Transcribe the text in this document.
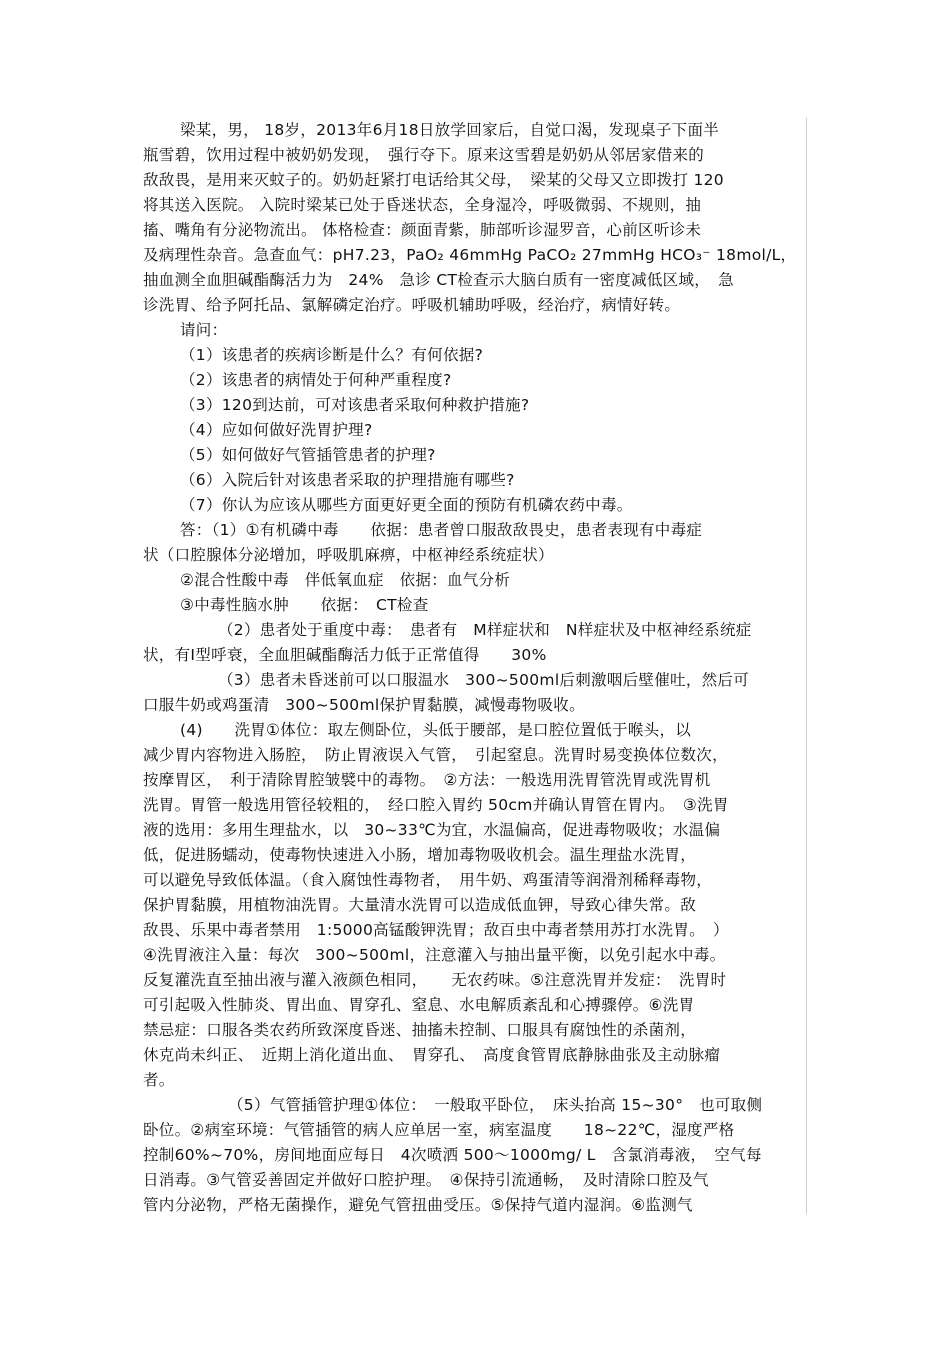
梁某，男， 18岁，2013年6月18日放学回家后，自觉口渴，发现桌子下面半
瓶雪碧，饮用过程中被奶奶发现，　强行夺下。原来这雪碧是奶奶从邻居家借来的
敌敌畏，是用来灭蚊子的。奶奶赶紧打电话给其父母，　梁某的父母又立即拨打 120
将其送入医院。 入院时梁某已处于昏迷状态，全身湿冷，呼吸微弱、不规则，抽
搐、嘴角有分泌物流出。 体格检查：颜面青紫，肺部听诊湿罗音，心前区听诊未
及病理性杂音。急查血气：pH7.23，PaO₂ 46mmHg PaCO₂ 27mmHg HCO₃⁻ 18mol/L，
抽血测全血胆碱酯酶活力为　24%　急诊 CT检查示大脑白质有一密度减低区域，　急
诊洗胃、给予阿托品、氯解磷定治疗。呼吸机辅助呼吸，经治疗，病情好转。
请问：
（1）该患者的疾病诊断是什么？有何依据?
（2）该患者的病情处于何种严重程度?
（3）120到达前，可对该患者采取何种救护措施?
（4）应如何做好洗胃护理?
（5）如何做好气管插管患者的护理?
（6）入院后针对该患者采取的护理措施有哪些?
（7）你认为应该从哪些方面更好更全面的预防有机磷农药中毒。
答：（1）①有机磷中毒　　依据：患者曾口服敌敌畏史，患者表现有中毒症
状（口腔腺体分泌增加，呼吸肌麻痹，中枢神经系统症状）
②混合性酸中毒　伴低氧血症　依据：血气分析
③中毒性脑水肿　　依据：　CT检查
（2）患者处于重度中毒：　患者有　M样症状和　N样症状及中枢神经系统症
状，有Ⅰ型呼衰，全血胆碱酯酶活力低于正常值得　　30%
（3）患者未昏迷前可以口服温水　300~500ml后刺激咽后壁催吐，然后可
口服牛奶或鸡蛋清　300~500ml保护胃黏膜，减慢毒物吸收。
(4)　　洗胃①体位：取左侧卧位，头低于腰部，是口腔位置低于喉头，以
减少胃内容物进入肠腔，　防止胃液误入气管，　引起窒息。洗胃时易变换体位数次，
按摩胃区，　利于清除胃腔皱襞中的毒物。　②方法：一般选用洗胃管洗胃或洗胃机
洗胃。胃管一般选用管径较粗的，　经口腔入胃约 50cm并确认胃管在胃内。　③洗胃
液的选用：多用生理盐水，以　30~33℃为宜，水温偏高，促进毒物吸收；水温偏
低，促进肠蠕动，使毒物快速进入小肠，增加毒物吸收机会。温生理盐水洗胃，
可以避免导致低体温。（食入腐蚀性毒物者，　用牛奶、鸡蛋清等润滑剂稀释毒物，
保护胃黏膜，用植物油洗胃。大量清水洗胃可以造成低血钾，导致心律失常。敌
敌畏、乐果中毒者禁用　1:5000高锰酸钾洗胃；敌百虫中毒者禁用苏打水洗胃。　）
④洗胃液注入量：每次　300~500ml，注意灌入与抽出量平衡，以免引起水中毒。
反复灌洗直至抽出液与灌入液颜色相同，　　无农药味。⑤注意洗胃并发症：　洗胃时
可引起吸入性肺炎、胃出血、胃穿孔、窒息、水电解质紊乱和心搏骤停。⑥洗胃
禁忌症：口服各类农药所致深度昏迷、抽搐未控制、口服具有腐蚀性的杀菌剂，
休克尚未纠正、　近期上消化道出血、　胃穿孔、　高度食管胃底静脉曲张及主动脉瘤
者。
（5）气管插管护理①体位：　一般取平卧位，　床头抬高 15~30°　也可取侧
卧位。②病室环境：气管插管的病人应单居一室，病室温度　　18~22℃，湿度严格
控制60%~70%，房间地面应每日　4次喷洒 500～1000mg/ L　含氯消毒液，　空气每
日消毒。③气管妥善固定并做好口腔护理。　④保持引流通畅，　及时清除口腔及气
管内分泌物，严格无菌操作，避免气管扭曲受压。⑤保持气道内湿润。⑥监测气
